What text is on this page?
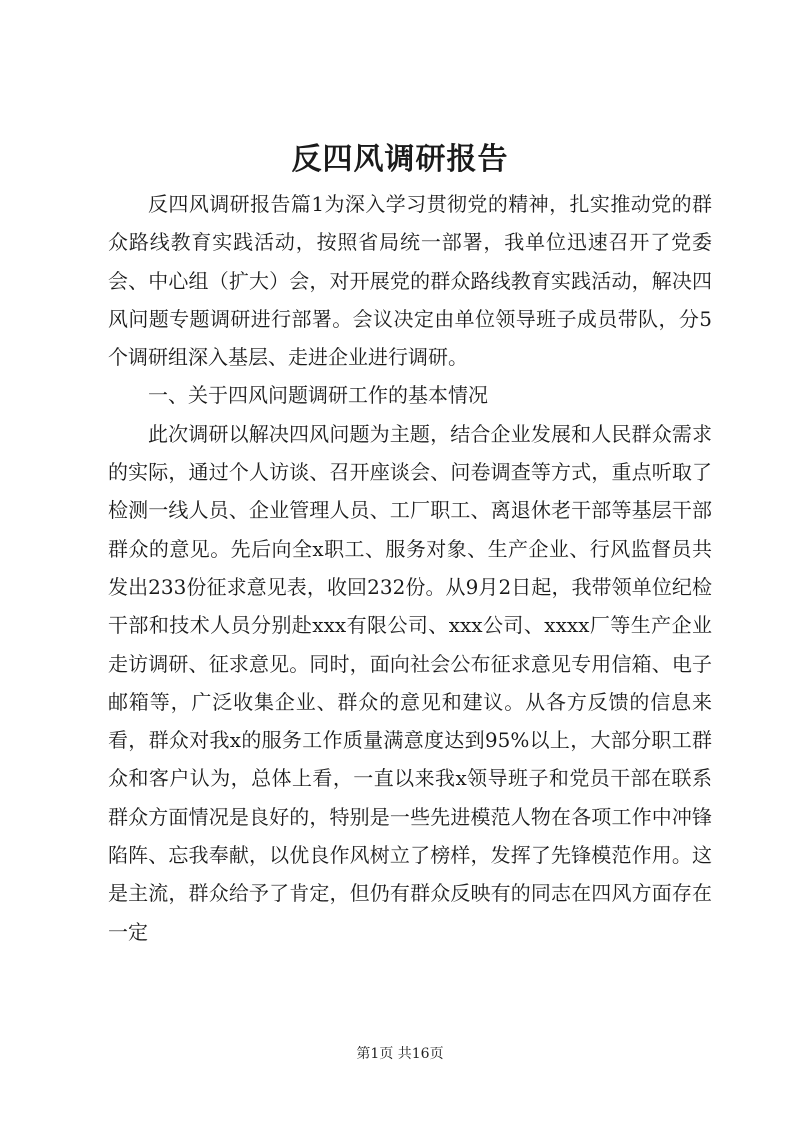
反四风调研报告

反四风调研报告篇1为深入学习贯彻党的精神，扎实推动党的群众路线教育实践活动，按照省局统一部署，我单位迅速召开了党委会、中心组（扩大）会，对开展党的群众路线教育实践活动，解决四风问题专题调研进行部署。会议决定由单位领导班子成员带队，分5个调研组深入基层、走进企业进行调研。

一、关于四风问题调研工作的基本情况

此次调研以解决四风问题为主题，结合企业发展和人民群众需求的实际，通过个人访谈、召开座谈会、问卷调查等方式，重点听取了检测一线人员、企业管理人员、工厂职工、离退休老干部等基层干部群众的意见。先后向全x职工、服务对象、生产企业、行风监督员共发出233份征求意见表，收回232份。从9月2日起，我带领单位纪检干部和技术人员分别赴xxx有限公司、xxx公司、xxxx厂等生产企业走访调研、征求意见。同时，面向社会公布征求意见专用信箱、电子邮箱等，广泛收集企业、群众的意见和建议。从各方反馈的信息来看，群众对我x的服务工作质量满意度达到95%以上，大部分职工群众和客户认为，总体上看，一直以来我x领导班子和党员干部在联系群众方面情况是良好的，特别是一些先进模范人物在各项工作中冲锋陷阵、忘我奉献，以优良作风树立了榜样，发挥了先锋模范作用。这是主流，群众给予了肯定，但仍有群众反映有的同志在四风方面存在一定

第1页 共16页
